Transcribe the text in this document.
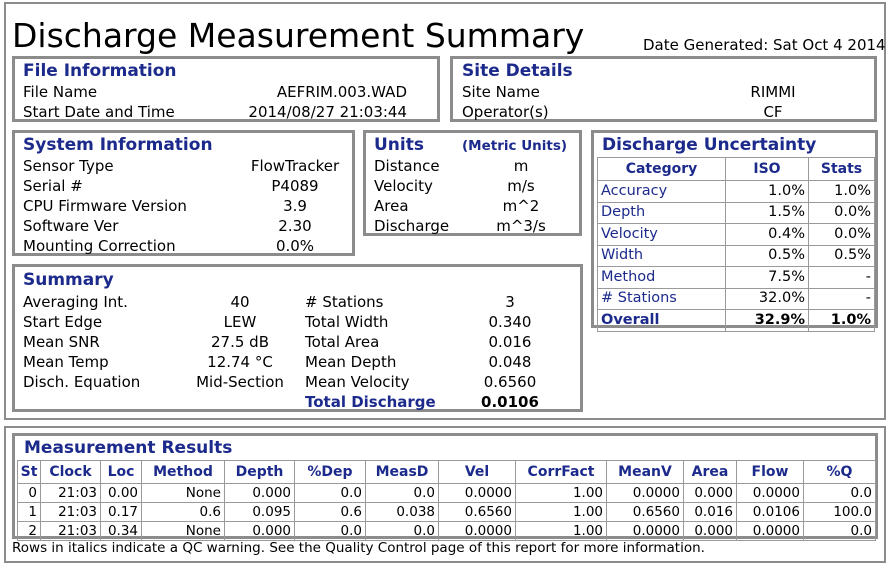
Discharge Measurement Summary	Date Generated: Sat Oct 4 2014
File Information
File Name	AEFRIM.003.WAD
Start Date and Time	2014/08/27 21:03:44
Site Details
Site Name	RIMMI
Operator(s)	CF
System Information
Sensor Type	FlowTracker
Serial #	P4089
CPU Firmware Version	3.9
Software Ver	2.30
Mounting Correction	0.0%
Units	(Metric Units)
Distance	m
Velocity	m/s
Area	m^2
Discharge	m^3/s
Discharge Uncertainty
Category	ISO	Stats
Accuracy	1.0%	1.0%
Depth	1.5%	0.0%
Velocity	0.4%	0.0%
Width	0.5%	0.5%
Method	7.5%	-
# Stations	32.0%	-
Overall	32.9%	1.0%
Summary
Averaging Int.	40
Start Edge	LEW
Mean SNR	27.5 dB
Mean Temp	12.74 °C
Disch. Equation	Mid-Section
# Stations	3
Total Width	0.340
Total Area	0.016
Mean Depth	0.048
Mean Velocity	0.6560
Total Discharge	0.0106
Measurement Results
St	Clock	Loc	Method	Depth	%Dep	MeasD	Vel	CorrFact	MeanV	Area	Flow	%Q
0	21:03	0.00	None	0.000	0.0	0.0	0.0000	1.00	0.0000	0.000	0.0000	0.0
1	21:03	0.17	0.6	0.095	0.6	0.038	0.6560	1.00	0.6560	0.016	0.0106	100.0
2	21:03	0.34	None	0.000	0.0	0.0	0.0000	1.00	0.0000	0.000	0.0000	0.0
Rows in italics indicate a QC warning. See the Quality Control page of this report for more information.
